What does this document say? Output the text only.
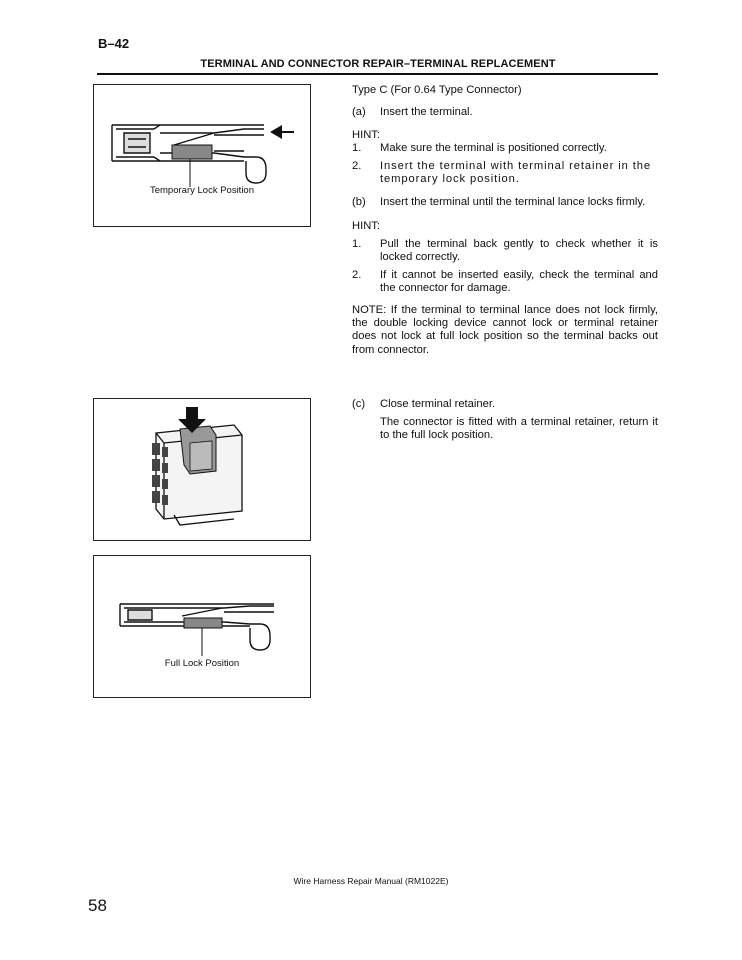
B–42
TERMINAL AND CONNECTOR REPAIR–TERMINAL REPLACEMENT
Temporary Lock Position
Full Lock Position
Type C (For 0.64 Type Connector)
(a) Insert the terminal.
HINT:
1. Make sure the terminal is positioned correctly.
2. Insert the terminal with terminal retainer in the temporary lock position.
(b) Insert the terminal until the terminal lance locks firmly.
HINT:
1. Pull the terminal back gently to check whether it is locked correctly.
2. If it cannot be inserted easily, check the terminal and the connector for damage.
NOTE: If the terminal to terminal lance does not lock firmly, the double locking device cannot lock or terminal retainer does not lock at full lock position so the terminal backs out from connector.
(c) Close terminal retainer.
The connector is fitted with a terminal retainer, return it to the full lock position.
Wire Harness Repair Manual (RM1022E)
58
